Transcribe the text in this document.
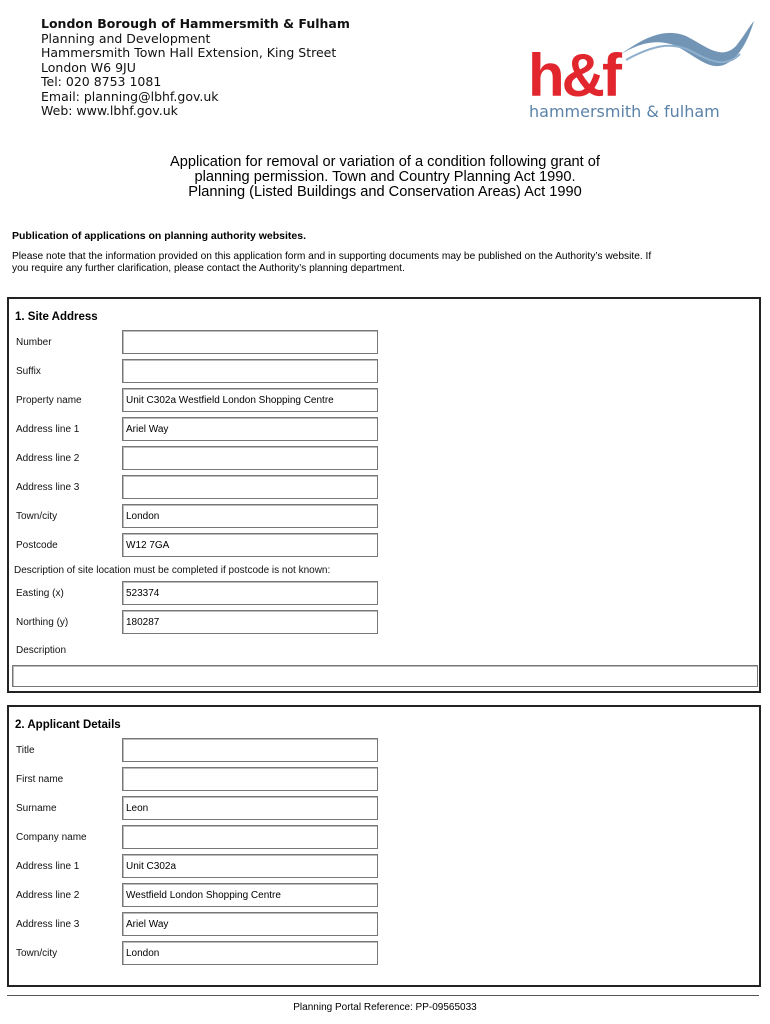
London Borough of Hammersmith & Fulham
Planning and Development
Hammersmith Town Hall Extension, King Street
London W6 9JU
Tel: 020 8753 1081
Email: planning@lbhf.gov.uk
Web: www.lbhf.gov.uk
h&f
hammersmith & fulham
Application for removal or variation of a condition following grant of
planning permission. Town and Country Planning Act 1990.
Planning (Listed Buildings and Conservation Areas) Act 1990
Publication of applications on planning authority websites.
Please note that the information provided on this application form and in supporting documents may be published on the Authority’s website. If
you require any further clarification, please contact the Authority’s planning department.
1. Site Address
Number
Suffix
Property name	Unit C302a Westfield London Shopping Centre
Address line 1	Ariel Way
Address line 2
Address line 3
Town/city	London
Postcode	W12 7GA
Description of site location must be completed if postcode is not known:
Easting (x)	523374
Northing (y)	180287
Description
2. Applicant Details
Title
First name
Surname	Leon
Company name
Address line 1	Unit C302a
Address line 2	Westfield London Shopping Centre
Address line 3	Ariel Way
Town/city	London
Planning Portal Reference: PP-09565033
